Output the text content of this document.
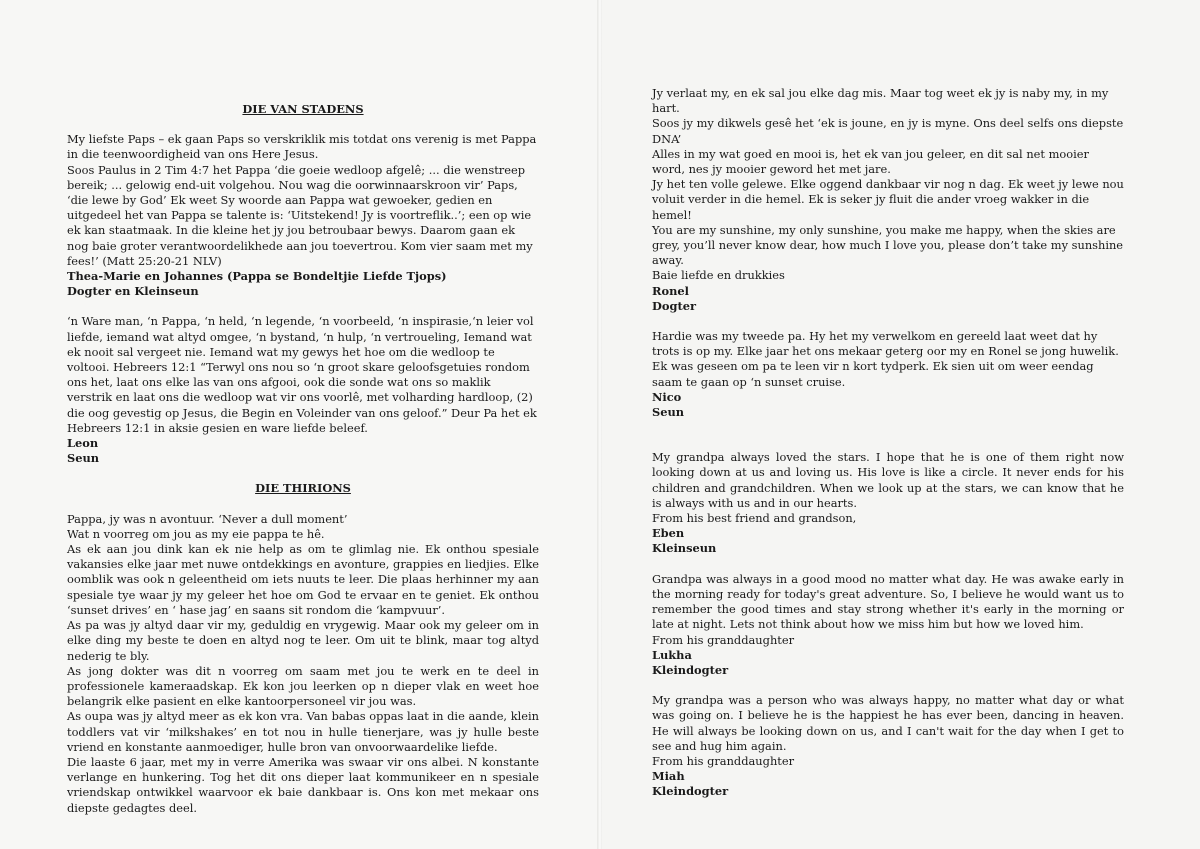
DIE VAN STADENS

My liefste Paps – ek gaan Paps so verskriklik mis totdat ons verenig is met Pappa in die teenwoordigheid van ons Here Jesus.

Soos Paulus in 2 Tim 4:7 het Pappa ‘die goeie wedloop afgelê; ... die wenstreep bereik; ... gelowig end-uit volgehou. Nou wag die oorwinnaarskroon vir’ Paps, ‘die lewe by God’ Ek weet Sy woorde aan Pappa wat gewoeker, gedien en uitgedeel het van Pappa se talente is: ‘Uitstekend! Jy is voortreflik..’; een op wie ek kan staatmaak. In die kleine het jy jou betroubaar bewys. Daarom gaan ek nog baie groter verantwoordelikhede aan jou toevertrou. Kom vier saam met my fees!’ (Matt 25:20-21 NLV)

Thea-Marie en Johannes (Pappa se Bondeltjie Liefde Tjops)

Dogter en Kleinseun

‘n Ware man, ‘n Pappa, ‘n held, ‘n legende, ‘n voorbeeld, ‘n inspirasie,‘n leier vol liefde, iemand wat altyd omgee, ‘n bystand, ‘n hulp, ‘n vertroueling, Iemand wat ek nooit sal vergeet nie. Iemand wat my gewys het hoe om die wedloop te voltooi. Hebreers 12:1 “Terwyl ons nou so ‘n groot skare geloofsgetuies rondom ons het, laat ons elke las van ons afgooi, ook die sonde wat ons so maklik verstrik en laat ons die wedloop wat vir ons voorlê, met volharding hardloop, (2) die oog gevestig op Jesus, die Begin en Voleinder van ons geloof.” Deur Pa het ek Hebreers 12:1 in aksie gesien en ware liefde beleef.

Leon

Seun

DIE THIRIONS

Pappa, jy was n avontuur. ‘Never a dull moment’

Wat n voorreg om jou as my eie pappa te hê.

As ek aan jou dink kan ek nie help as om te glimlag nie. Ek onthou spesiale vakansies elke jaar met nuwe ontdekkings en avonture, grappies en liedjies. Elke oomblik was ook n geleentheid om iets nuuts te leer. Die plaas herhinner my aan spesiale tye waar jy my geleer het hoe om God te ervaar en te geniet. Ek onthou ‘sunset drives’ en ‘ hase jag’ en saans sit rondom die ‘kampvuur’.

As pa was jy altyd daar vir my, geduldig en vrygewig. Maar ook my geleer om in elke ding my beste te doen en altyd nog te leer. Om uit te blink, maar tog altyd nederig te bly.

As jong dokter was dit n voorreg om saam met jou te werk en te deel in professionele kameraadskap. Ek kon jou leerken op n dieper vlak en weet hoe belangrik elke pasient en elke kantoorpersoneel vir jou was.

As oupa was jy altyd meer as ek kon vra. Van babas oppas laat in die aande, klein toddlers vat vir ‘milkshakes’ en tot nou in hulle tienerjare, was jy hulle beste vriend en konstante aanmoediger, hulle bron van onvoorwaardelike liefde.

Die laaste 6 jaar, met my in verre Amerika was swaar vir ons albei. N konstante verlange en hunkering. Tog het dit ons dieper laat kommunikeer en n spesiale vriendskap ontwikkel waarvoor ek baie dankbaar is. Ons kon met mekaar ons diepste gedagtes deel.

Jy verlaat my, en ek sal jou elke dag mis. Maar tog weet ek jy is naby my, in my hart.

Soos jy my dikwels gesê het ‘ek is joune, en jy is myne. Ons deel selfs ons diepste DNA’

Alles in my wat goed en mooi is, het ek van jou geleer, en dit sal net mooier word, nes jy mooier geword het met jare.

Jy het ten volle gelewe. Elke oggend dankbaar vir nog n dag. Ek weet jy lewe nou voluit verder in die hemel. Ek is seker jy fluit die ander vroeg wakker in die hemel!

You are my sunshine, my only sunshine, you make me happy, when the skies are grey, you’ll never know dear, how much I love you, please don’t take my sunshine away.

Baie liefde en drukkies

Ronel

Dogter

Hardie was my tweede pa. Hy het my verwelkom en gereeld laat weet dat hy trots is op my. Elke jaar het ons mekaar geterg oor my en Ronel se jong huwelik. Ek was geseen om pa te leen vir n kort tydperk. Ek sien uit om weer eendag saam te gaan op ‘n sunset cruise.

Nico

Seun

My grandpa always loved the stars. I hope that he is one of them right now looking down at us and loving us. His love is like a circle. It never ends for his children and grandchildren. When we look up at the stars, we can know that he is always with us and in our hearts.

From his best friend and grandson,

Eben

Kleinseun

Grandpa was always in a good mood no matter what day. He was awake early in the morning ready for today's great adventure. So, I believe he would want us to remember the good times and stay strong whether it's early in the morning or late at night. Lets not think about how we miss him but how we loved him.

From his granddaughter

Lukha

Kleindogter

My grandpa was a person who was always happy, no matter what day or what was going on. I believe he is the happiest he has ever been, dancing in heaven. He will always be looking down on us, and I can't wait for the day when I get to see and hug him again.

From his granddaughter

Miah

Kleindogter
